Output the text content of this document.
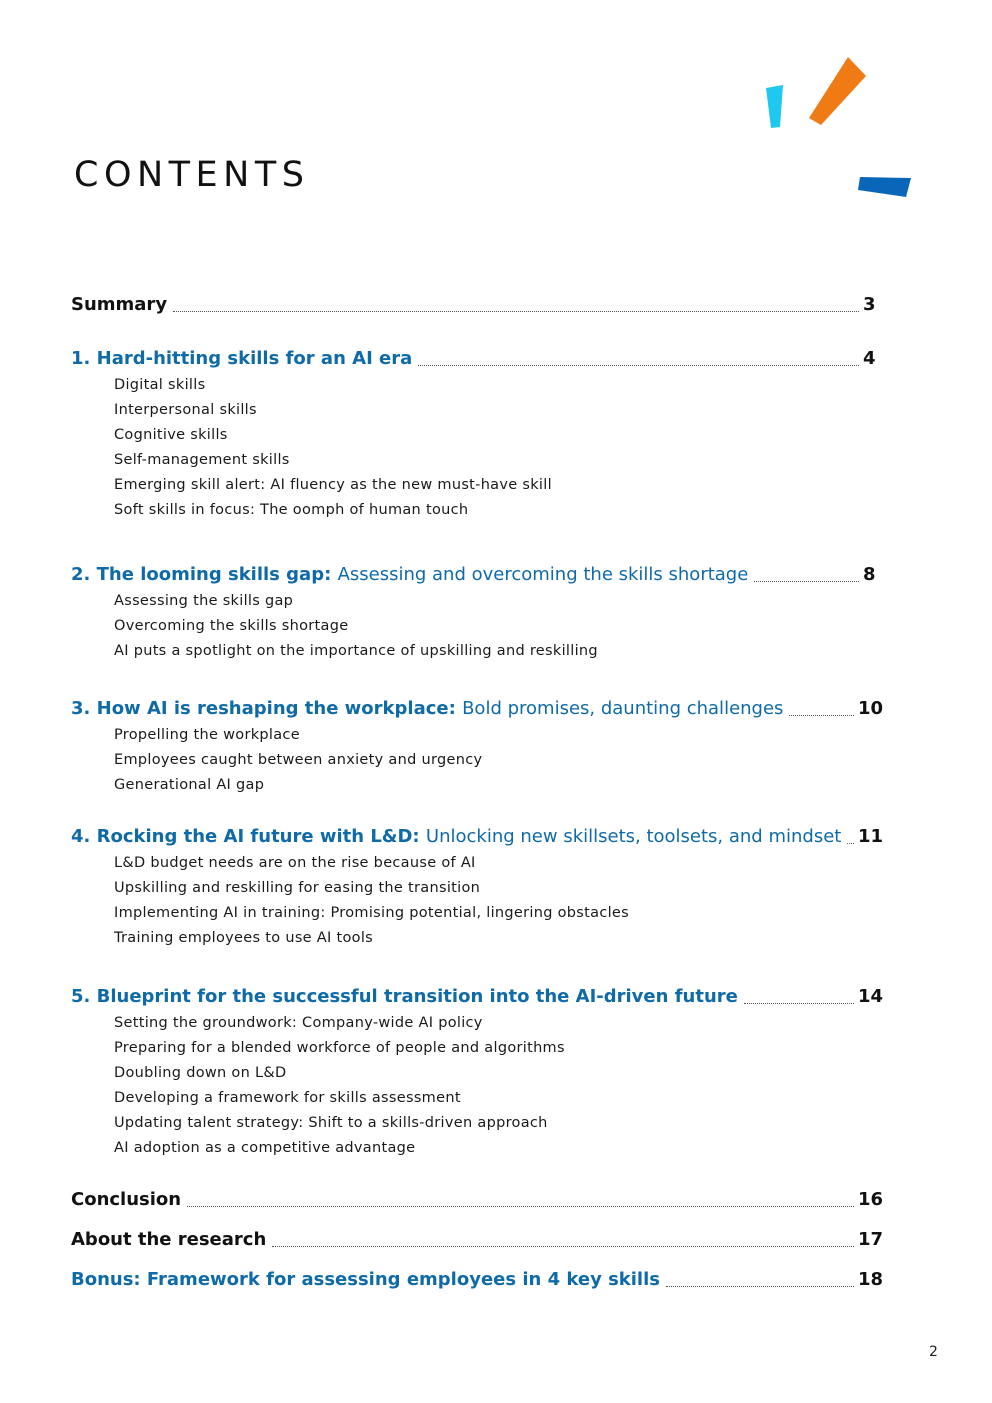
CONTENTS
Summary	3
1. Hard-hitting skills for an AI era	4
Digital skills
Interpersonal skills
Cognitive skills
Self-management skills
Emerging skill alert: AI fluency as the new must-have skill
Soft skills in focus: The oomph of human touch
2. The looming skills gap: Assessing and overcoming the skills shortage	8
Assessing the skills gap
Overcoming the skills shortage
AI puts a spotlight on the importance of upskilling and reskilling
3. How AI is reshaping the workplace: Bold promises, daunting challenges	10
Propelling the workplace
Employees caught between anxiety and urgency
Generational AI gap
4. Rocking the AI future with L&D: Unlocking new skillsets, toolsets, and mindset 11
L&D budget needs are on the rise because of AI
Upskilling and reskilling for easing the transition
Implementing AI in training: Promising potential, lingering obstacles
Training employees to use AI tools
5. Blueprint for the successful transition into the AI-driven future	14
Setting the groundwork: Company-wide AI policy
Preparing for a blended workforce of people and algorithms
Doubling down on L&D
Developing a framework for skills assessment
Updating talent strategy: Shift to a skills-driven approach
AI adoption as a competitive advantage
Conclusion	16
About the research	17
Bonus: Framework for assessing employees in 4 key skills	18
2
